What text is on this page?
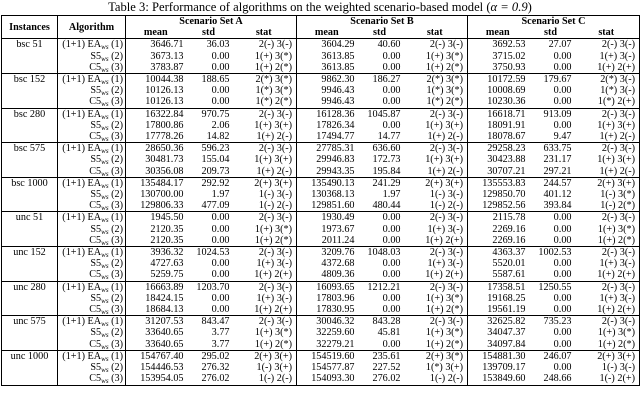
Table 3: Performance of algorithms on the weighted scenario-based model (α = 0.9)
Instances	Algorithm	Scenario Set A			Scenario Set B			Scenario Set C		
		mean	std	stat	mean	std	stat	mean	std	stat
bsc 51	(1+1) $EA_{ws}$ (1)	3646.71	36.03	2(-) 3(-)	3604.29	40.60	2(-) 3(-)	3692.53	27.07	2(-) 3(-)
	$S5_{ws}$ (2)	3673.13	0.00	1(+) 3(*)	3613.85	0.00	1(+) 3(*)	3715.02	0.00	1(+) 3(-)
	$C5_{ws}$ (3)	3783.87	0.00	1(+) 2(*)	3613.85	0.00	1(+) 2(*)	3750.93	0.00	1(+) 2(+)
bsc 152	(1+1) $EA_{ws}$ (1)	10044.38	188.65	2(*) 3(*)	9862.30	186.27	2(*) 3(*)	10172.59	179.67	2(*) 3(-)
	$S5_{ws}$ (2)	10126.13	0.00	1(*) 3(*)	9946.43	0.00	1(*) 3(*)	10008.69	0.00	1(*) 3(-)
	$C5_{ws}$ (3)	10126.13	0.00	1(*) 2(*)	9946.43	0.00	1(*) 2(*)	10230.36	0.00	1(*) 2(+)
bsc 280	(1+1) $EA_{ws}$ (1)	16322.84	970.75	2(-) 3(-)	16128.36	1045.87	2(-) 3(-)	16618.71	913.09	2(-) 3(-)
	$S5_{ws}$ (2)	17800.86	2.06	1(+) 3(+)	17826.34	0.00	1(+) 3(+)	18091.91	0.00	1(+) 3(+)
	$C5_{ws}$ (3)	17778.26	14.82	1(+) 2(-)	17494.77	14.77	1(+) 2(-)	18078.67	9.47	1(+) 2(-)
bsc 575	(1+1) $EA_{ws}$ (1)	28650.36	596.23	2(-) 3(-)	27785.31	636.60	2(-) 3(-)	29258.23	633.75	2(-) 3(-)
	$S5_{ws}$ (2)	30481.73	155.04	1(+) 3(+)	29946.83	172.73	1(+) 3(+)	30423.88	231.17	1(+) 3(+)
	$C5_{ws}$ (3)	30356.08	209.73	1(+) 2(-)	29943.35	195.84	1(+) 2(-)	30707.21	297.21	1(+) 2(-)
bsc 1000	(1+1) $EA_{ws}$ (1)	135484.17	292.92	2(+) 3(+)	135490.13	241.29	2(+) 3(+)	135553.83	244.57	2(+) 3(+)
	$S5_{ws}$ (2)	130700.00	1.97	1(-) 3(-)	130368.13	1.97	1(-) 3(-)	129850.70	401.12	1(-) 3(*)
	$C5_{ws}$ (3)	129806.33	477.09	1(-) 2(-)	129851.60	480.44	1(-) 2(-)	129852.56	393.84	1(-) 2(*)
unc 51	(1+1) $EA_{ws}$ (1)	1945.50	0.00	2(-) 3(-)	1930.49	0.00	2(-) 3(-)	2115.78	0.00	2(-) 3(-)
	$S5_{ws}$ (2)	2120.35	0.00	1(+) 3(*)	1973.67	0.00	1(+) 3(-)	2269.16	0.00	1(+) 3(*)
	$C5_{ws}$ (3)	2120.35	0.00	1(+) 2(*)	2011.24	0.00	1(+) 2(+)	2269.16	0.00	1(+) 2(*)
unc 152	(1+1) $EA_{ws}$ (1)	3936.32	1024.53	2(-) 3(-)	3209.76	1048.03	2(-) 3(-)	4363.37	1002.53	2(-) 3(-)
	$S5_{ws}$ (2)	4727.63	0.00	1(+) 3(-)	4372.68	0.00	1(+) 3(-)	5520.01	0.00	1(+) 3(-)
	$C5_{ws}$ (3)	5259.75	0.00	1(+) 2(+)	4809.36	0.00	1(+) 2(+)	5587.61	0.00	1(+) 2(+)
unc 280	(1+1) $EA_{ws}$ (1)	16663.89	1203.70	2(-) 3(-)	16093.65	1212.21	2(-) 3(-)	17358.51	1250.55	2(-) 3(-)
	$S5_{ws}$ (2)	18424.15	0.00	1(+) 3(-)	17803.96	0.00	1(+) 3(*)	19168.25	0.00	1(+) 3(-)
	$C5_{ws}$ (3)	18684.13	0.00	1(+) 2(+)	17830.95	0.00	1(+) 2(*)	19561.19	0.00	1(+) 2(+)
unc 575	(1+1) $EA_{ws}$ (1)	31207.53	843.47	2(-) 3(-)	30046.32	843.28	2(-) 3(-)	32625.82	735.23	2(-) 3(-)
	$S5_{ws}$ (2)	33640.65	3.77	1(+) 3(*)	32259.60	45.81	1(+) 3(*)	34047.37	0.00	1(+) 3(*)
	$C5_{ws}$ (3)	33640.65	3.77	1(+) 2(*)	32279.21	0.00	1(+) 2(*)	34097.84	0.00	1(+) 2(*)
unc 1000	(1+1) $EA_{ws}$ (1)	154767.40	295.02	2(+) 3(+)	154519.60	235.61	2(+) 3(*)	154881.30	246.07	2(+) 3(+)
	$S5_{ws}$ (2)	154446.53	276.32	1(-) 3(+)	154577.87	227.52	1(*) 3(+)	139709.17	0.00	1(-) 3(-)
	$C5_{ws}$ (3)	153954.05	276.02	1(-) 2(-)	154093.30	276.02	1(-) 2(-)	153849.60	248.66	1(-) 2(+)
